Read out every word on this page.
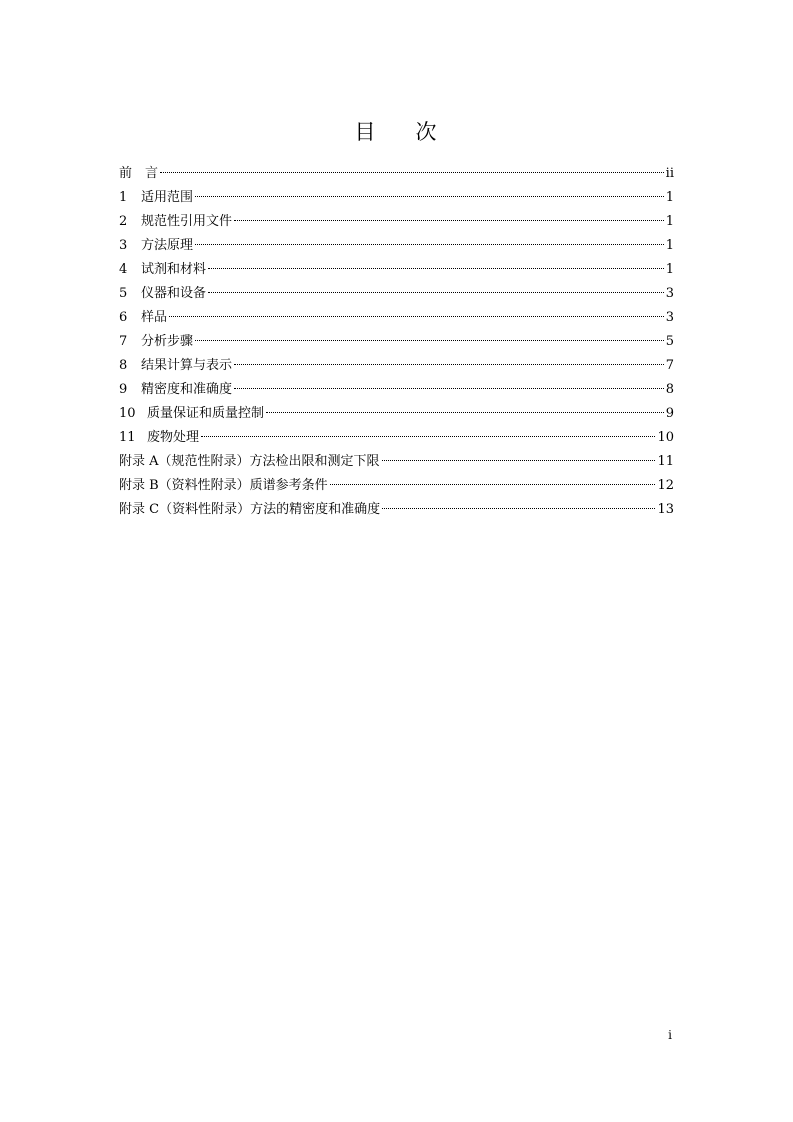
目 次
前　言	ii
1	适用范围	1
2	规范性引用文件	1
3	方法原理	1
4	试剂和材料	1
5	仪器和设备	3
6	样品	3
7	分析步骤	5
8	结果计算与表示	7
9	精密度和准确度	8
10 质量保证和质量控制	9
11 废物处理	10
附录 A（规范性附录）方法检出限和测定下限	11
附录 B（资料性附录）质谱参考条件	12
附录 C（资料性附录）方法的精密度和准确度	13
i
